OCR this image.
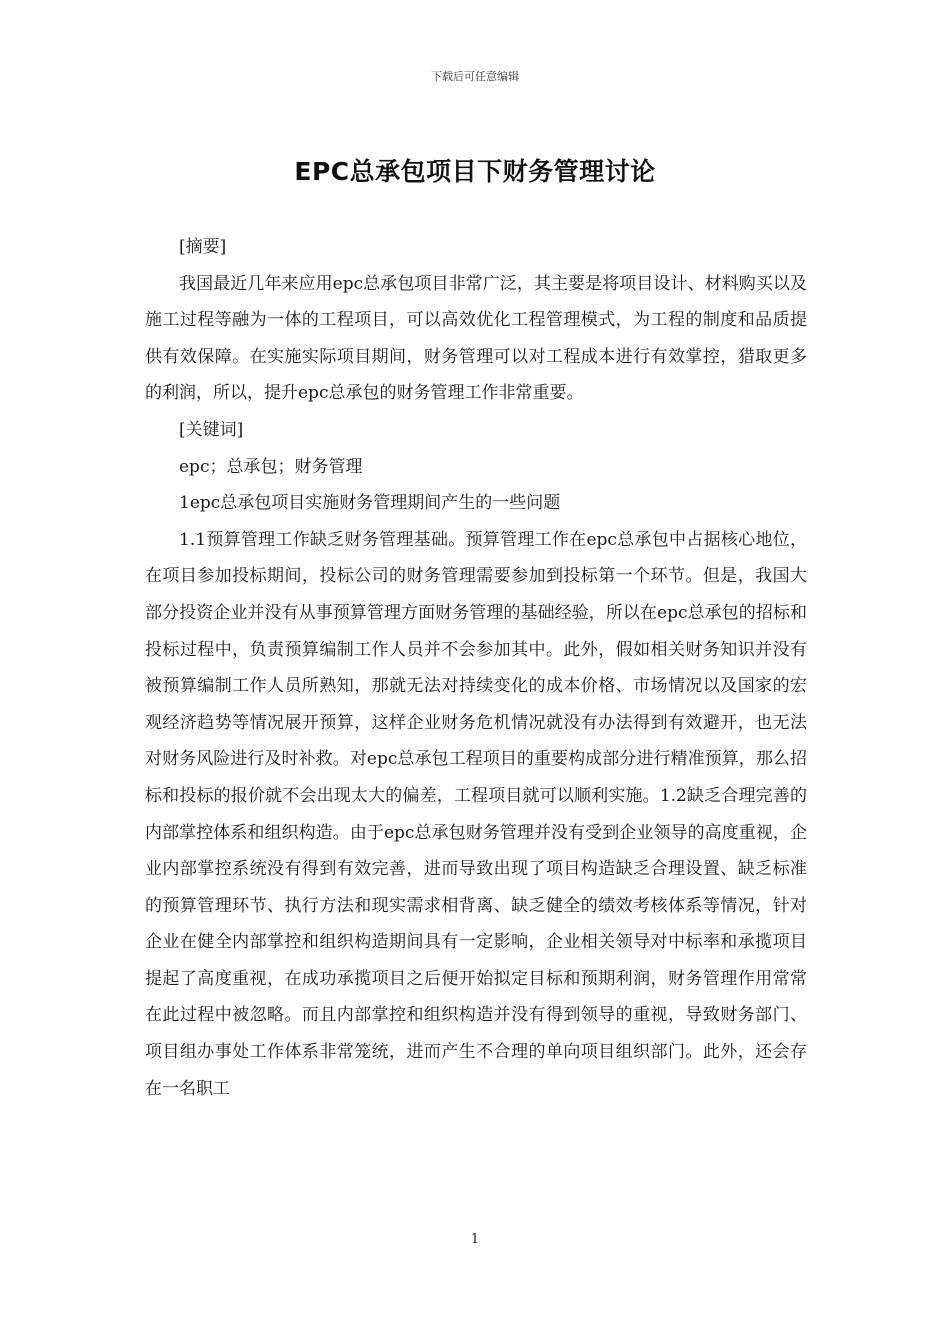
下载后可任意编辑
EPC总承包项目下财务管理讨论

[摘要]

我国最近几年来应用epc总承包项目非常广泛，其主要是将项目设计、材料购买以及施工过程等融为一体的工程项目，可以高效优化工程管理模式，为工程的制度和品质提供有效保障。在实施实际项目期间，财务管理可以对工程成本进行有效掌控，猎取更多的利润，所以，提升epc总承包的财务管理工作非常重要。

[关键词]

epc；总承包；财务管理

1epc总承包项目实施财务管理期间产生的一些问题

1.1预算管理工作缺乏财务管理基础。预算管理工作在epc总承包中占据核心地位，在项目参加投标期间，投标公司的财务管理需要参加到投标第一个环节。但是，我国大部分投资企业并没有从事预算管理方面财务管理的基础经验，所以在epc总承包的招标和投标过程中，负责预算编制工作人员并不会参加其中。此外，假如相关财务知识并没有被预算编制工作人员所熟知，那就无法对持续变化的成本价格、市场情况以及国家的宏观经济趋势等情况展开预算，这样企业财务危机情况就没有办法得到有效避开，也无法对财务风险进行及时补救。对epc总承包工程项目的重要构成部分进行精准预算，那么招标和投标的报价就不会出现太大的偏差，工程项目就可以顺利实施。1.2缺乏合理完善的内部掌控体系和组织构造。由于epc总承包财务管理并没有受到企业领导的高度重视，企业内部掌控系统没有得到有效完善，进而导致出现了项目构造缺乏合理设置、缺乏标准的预算管理环节、执行方法和现实需求相背离、缺乏健全的绩效考核体系等情况，针对企业在健全内部掌控和组织构造期间具有一定影响，企业相关领导对中标率和承揽项目提起了高度重视，在成功承揽项目之后便开始拟定目标和预期利润，财务管理作用常常在此过程中被忽略。而且内部掌控和组织构造并没有得到领导的重视，导致财务部门、项目组办事处工作体系非常笼统，进而产生不合理的单向项目组织部门。此外，还会存在一名职工

1
